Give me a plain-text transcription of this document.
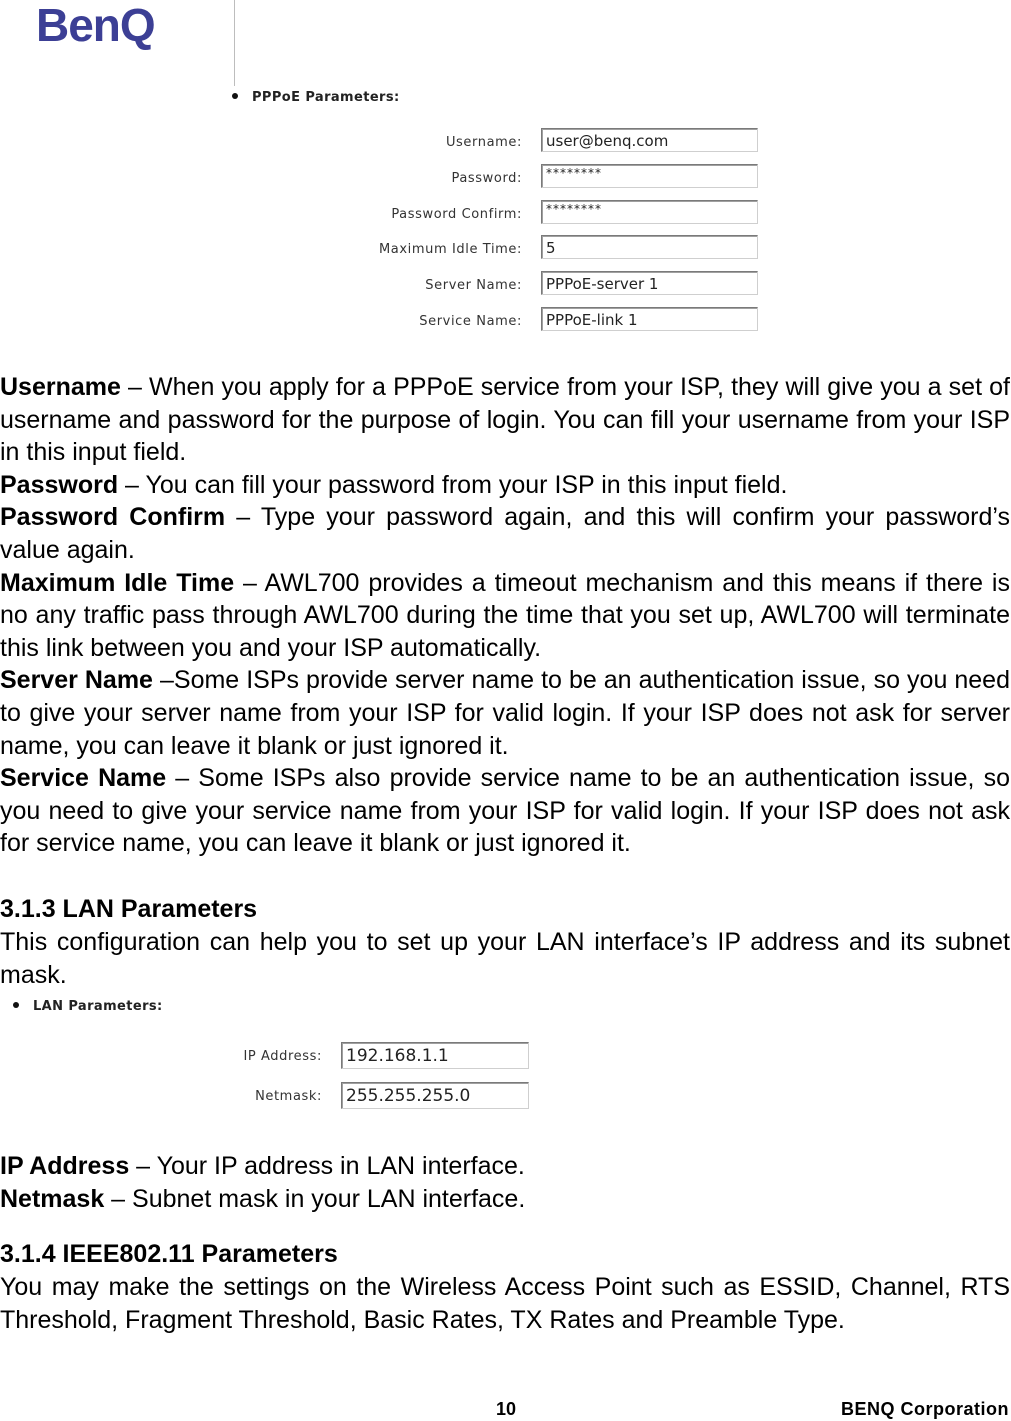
BenQ
PPPoE Parameters:
Username:	user@benq.com
Password:	********
Password Confirm:	********
Maximum Idle Time:	5
Server Name:	PPPoE-server 1
Service Name:	PPPoE-link 1
Username – When you apply for a PPPoE service from your ISP, they will give you a set of username and password for the purpose of login. You can fill your username from your ISP in this input field.
Password – You can fill your password from your ISP in this input field.
Password Confirm – Type your password again, and this will confirm your password’s value again.
Maximum Idle Time – AWL700 provides a timeout mechanism and this means if there is no any traffic pass through AWL700 during the time that you set up, AWL700 will terminate this link between you and your ISP automatically.
Server Name –Some ISPs provide server name to be an authentication issue, so you need to give your server name from your ISP for valid login. If your ISP does not ask for server name, you can leave it blank or just ignored it.
Service Name – Some ISPs also provide service name to be an authentication issue, so you need to give your service name from your ISP for valid login. If your ISP does not ask for service name, you can leave it blank or just ignored it.
3.1.3 LAN Parameters
This configuration can help you to set up your LAN interface’s IP address and its subnet mask.
LAN Parameters:
IP Address: 192.168.1.1
Netmask: 255.255.255.0
IP Address – Your IP address in LAN interface.
Netmask – Subnet mask in your LAN interface.
3.1.4 IEEE802.11 Parameters
You may make the settings on the Wireless Access Point such as ESSID, Channel, RTS Threshold, Fragment Threshold, Basic Rates, TX Rates and Preamble Type.
10	BENQ Corporation
